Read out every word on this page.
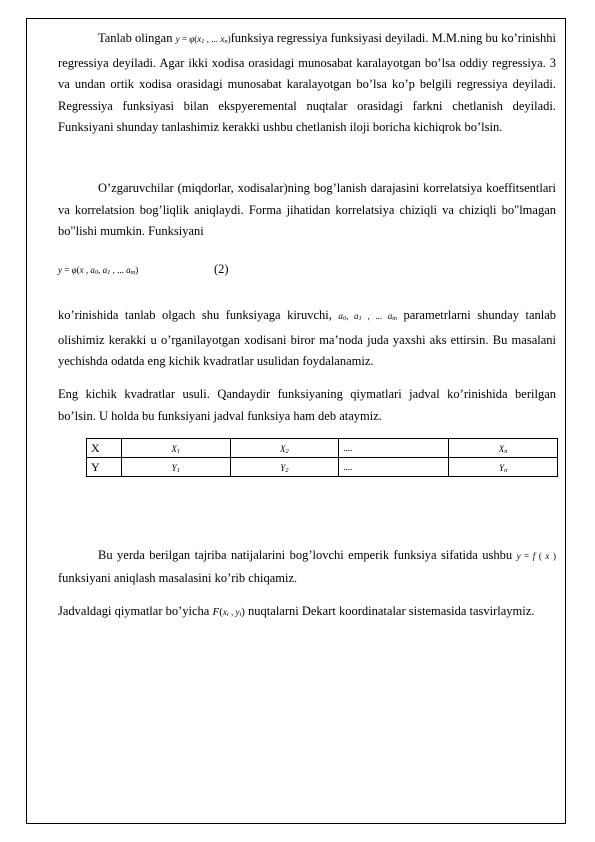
Tanlab olingan y = φ(x1 , ... xn)funksiya regressiya funksiyasi deyiladi. M.M.ning bu ko’rinishhi regressiya deyiladi. Agar ikki xodisa orasidagi munosabat karalayotgan bo’lsa oddiy regressiya. 3 va undan ortik xodisa orasidagi munosabat karalayotgan bo’lsa ko’p belgili regressiya deyiladi. Regressiya funksiyasi bilan ekspyeremental nuqtalar orasidagi farkni chetlanish deyiladi. Funksiyani shunday tanlashimiz kerakki ushbu chetlanish iloji boricha kichiqrok bo’lsin.
O’zgaruvchilar (miqdorlar, xodisalar)ning bog’lanish darajasini korrelatsiya koeffitsentlari va korrelatsion bog’liqlik aniqlaydi. Forma jihatidan korrelatsiya chiziqli va chiziqli bo"lmagan bo"lishi mumkin. Funksiyani
y = φ(x , a0, a1 , ... am)	(2)
ko’rinishida tanlab olgach shu funksiyaga kiruvchi, a0, a1 , ... am parametrlarni shunday tanlab olishimiz kerakki u o’rganilayotgan xodisani biror ma’noda juda yaxshi aks ettirsin. Bu masalani yechishda odatda eng kichik kvadratlar usulidan foydalanamiz.
Eng kichik kvadratlar usuli. Qandaydir funksiyaning qiymatlari jadval ko’rinishida berilgan bo’lsin. U holda bu funksiyani jadval funksiya ham deb ataymiz.
X	X1	X2	....	Xn
Y	Y1	Y2	....	Yn
Bu yerda berilgan tajriba natijalarini bog’lovchi emperik funksiya sifatida ushbu y = f ( x ) funksiyani aniqlash masalasini ko’rib chiqamiz.
Jadvaldagi qiymatlar bo’yicha F(xi , yi) nuqtalarni Dekart koordinatalar sistemasida tasvirlaymiz.
